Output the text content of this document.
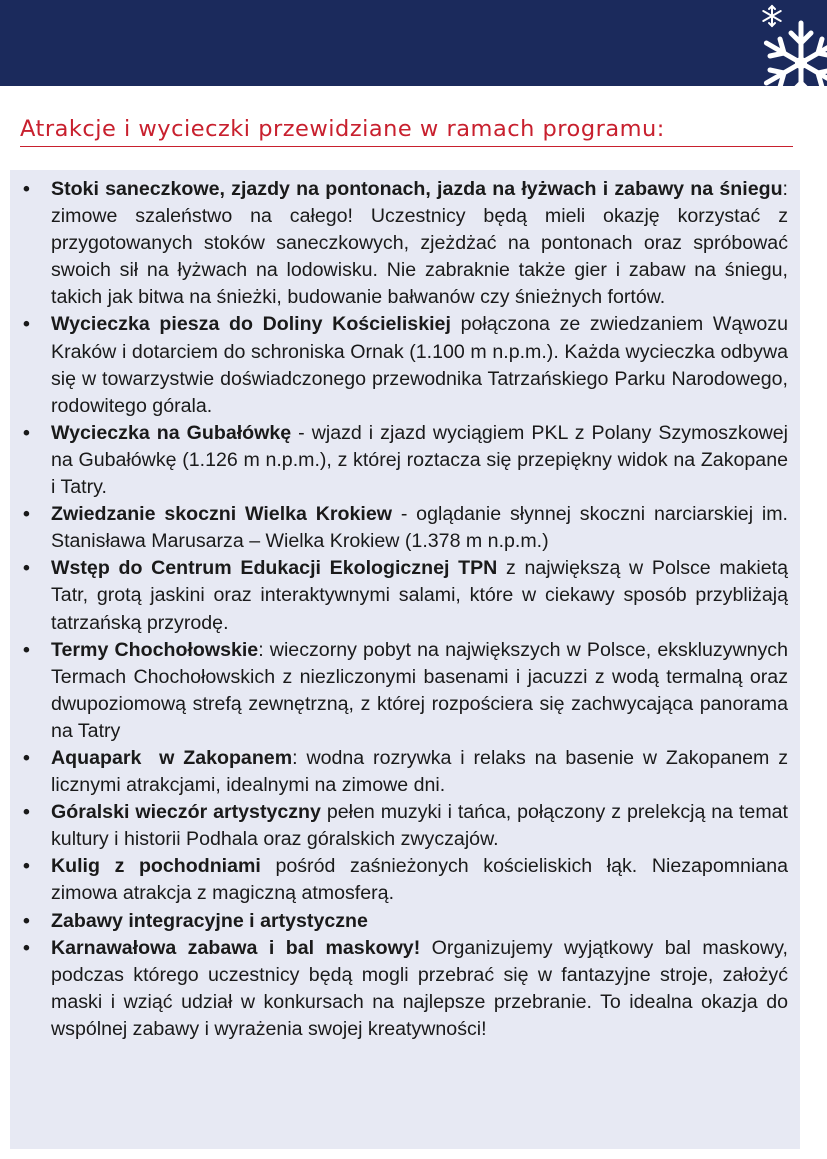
Atrakcje i wycieczki przewidziane w ramach programu:
• Stoki saneczkowe, zjazdy na pontonach, jazda na łyżwach i zabawy na śniegu: zimowe szaleństwo na całego! Uczestnicy będą mieli okazję korzystać z przygotowanych stoków saneczkowych, zjeżdżać na pontonach oraz spróbować swoich sił na łyżwach na lodowisku. Nie zabraknie także gier i zabaw na śniegu, takich jak bitwa na śnieżki, budowanie bałwanów czy śnieżnych fortów.
• Wycieczka piesza do Doliny Kościeliskiej połączona ze zwiedzaniem Wąwozu Kraków i dotarciem do schroniska Ornak (1.100 m n.p.m.). Każda wycieczka odbywa się w towarzystwie doświadczonego przewodnika Tatrzańskiego Parku Narodowego, rodowitego górala.
• Wycieczka na Gubałówkę - wjazd i zjazd wyciągiem PKL z Polany Szymoszkowej na Gubałówkę (1.126 m n.p.m.), z której roztacza się przepiękny widok na Zakopane i Tatry.
• Zwiedzanie skoczni Wielka Krokiew - oglądanie słynnej skoczni narciarskiej im. Stanisława Marusarza – Wielka Krokiew (1.378 m n.p.m.)
• Wstęp do Centrum Edukacji Ekologicznej TPN z największą w Polsce makietą Tatr, grotą jaskini oraz interaktywnymi salami, które w ciekawy sposób przybliżają tatrzańską przyrodę.
• Termy Chochołowskie: wieczorny pobyt na największych w Polsce, ekskluzywnych Termach Chochołowskich z niezliczonymi basenami i jacuzzi z wodą termalną oraz dwupoziomową strefą zewnętrzną, z której rozpościera się zachwycająca panorama na Tatry
• Aquapark  w Zakopanem: wodna rozrywka i relaks na basenie w Zakopanem z licznymi atrakcjami, idealnymi na zimowe dni.
• Góralski wieczór artystyczny pełen muzyki i tańca, połączony z prelekcją na temat kultury i historii Podhala oraz góralskich zwyczajów.
• Kulig z pochodniami pośród zaśnieżonych kościeliskich łąk. Niezapomniana zimowa atrakcja z magiczną atmosferą.
• Zabawy integracyjne i artystyczne
• Karnawałowa zabawa i bal maskowy! Organizujemy wyjątkowy bal maskowy, podczas którego uczestnicy będą mogli przebrać się w fantazyjne stroje, założyć maski i wziąć udział w konkursach na najlepsze przebranie. To idealna okazja do wspólnej zabawy i wyrażenia swojej kreatywności!
